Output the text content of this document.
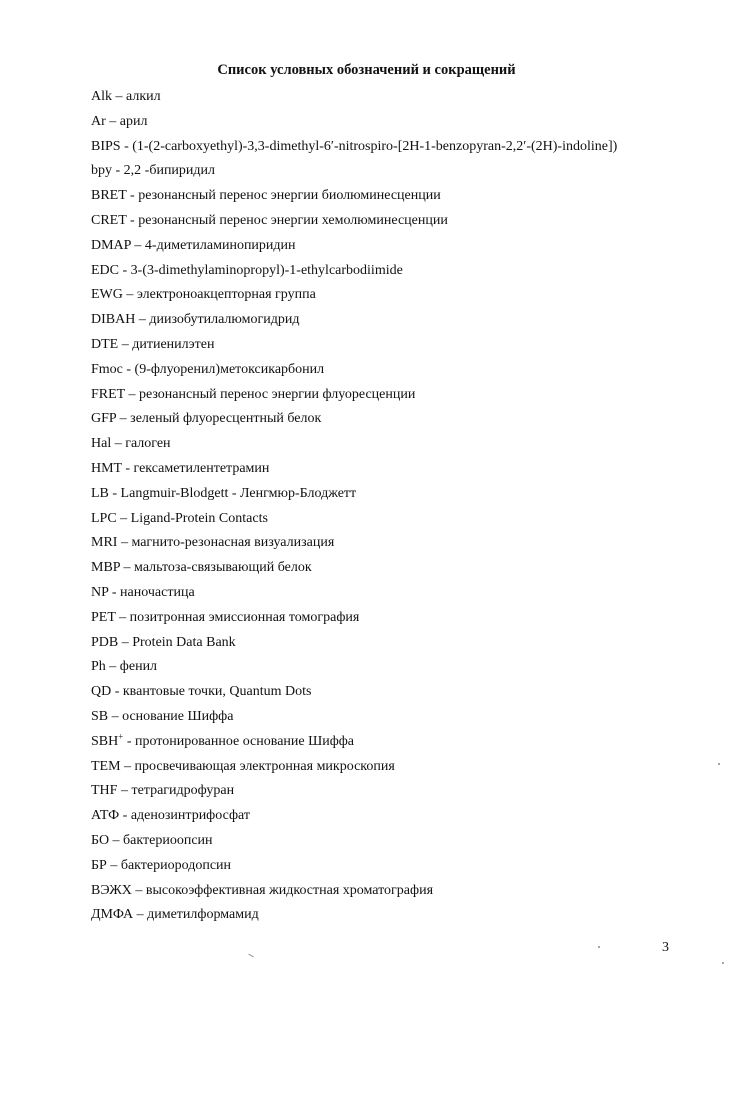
Список условных обозначений и сокращений
Alk – алкил
Ar – арил
BIPS - (1-(2-carboxyethyl)-3,3-dimethyl-6′-nitrospiro-[2H-1-benzopyran-2,2′-(2H)-indoline])
bpy - 2,2 -бипиридил
BRET - резонансный перенос энергии биолюминесценции
CRET - резонансный перенос энергии хемолюминесценции
DMAP – 4-диметиламинопиридин
EDC - 3-(3-dimethylaminopropyl)-1-ethylcarbodiimide
EWG – электроноакцепторная группа
DIBAH – диизобутилалюмогидрид
DTE – дитиенилэтен
Fmoc - (9-флуоренил)метоксикарбонил
FRET – резонансный перенос энергии флуоресценции
GFP – зеленый флуоресцентный белок
Hal – галоген
HMT - гексаметилентетрамин
LB - Langmuir-Blodgett - Ленгмюр-Блоджетт
LPC – Ligand-Protein Contacts
MRI – магнито-резонасная визуализация
MBP – мальтоза-связывающий белок
NP - наночастица
PET – позитронная эмиссионная томография
PDB – Protein Data Bank
Ph – фенил
QD - квантовые точки, Quantum Dots
SB – основание Шиффа
SBH+ - протонированное основание Шиффа
TEM – просвечивающая электронная микроскопия
THF – тетрагидрофуран
АТФ - аденозинтрифосфат
БО – бактериоопсин
БР – бактериородопсин
ВЭЖХ – высокоэффективная жидкостная хроматография
ДМФА – диметилформамид
3
